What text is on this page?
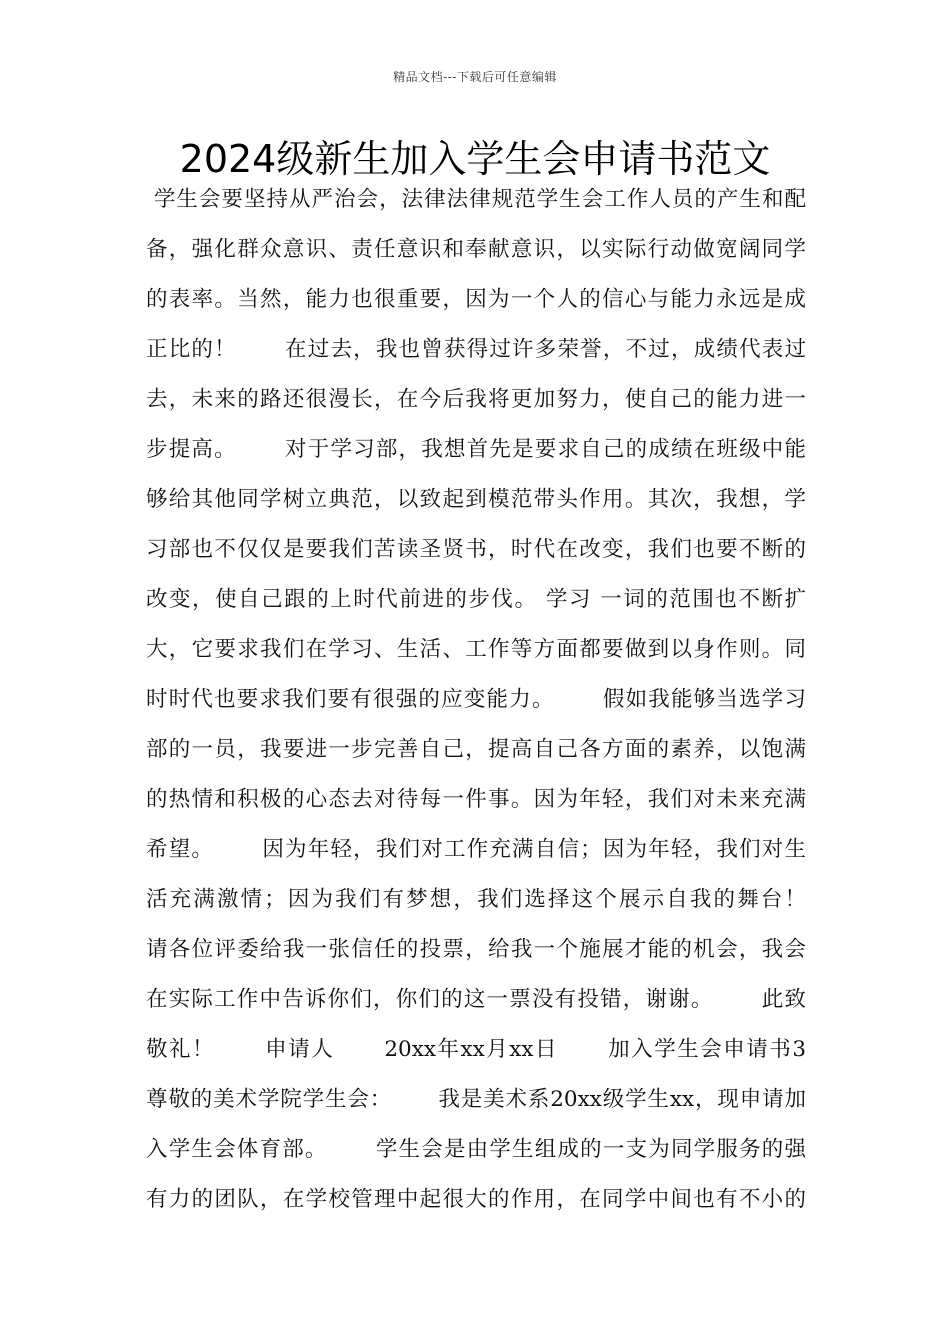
精品文档---下载后可任意编辑
2024级新生加入学生会申请书范文
学生会要坚持从严治会，法律法律规范学生会工作人员的产生和配
备，强化群众意识、责任意识和奉献意识，以实际行动做宽阔同学
的表率。当然，能力也很重要，因为一个人的信心与能力永远是成
正比的！      在过去，我也曾获得过许多荣誉，不过，成绩代表过
去，未来的路还很漫长，在今后我将更加努力，使自己的能力进一
步提高。      对于学习部，我想首先是要求自己的成绩在班级中能
够给其他同学树立典范，以致起到模范带头作用。其次，我想，学
习部也不仅仅是要我们苦读圣贤书，时代在改变，我们也要不断的
改变，使自己跟的上时代前进的步伐。 学习 一词的范围也不断扩
大，它要求我们在学习、生活、工作等方面都要做到以身作则。同
时时代也要求我们要有很强的应变能力。      假如我能够当选学习
部的一员，我要进一步完善自己，提高自己各方面的素养，以饱满
的热情和积极的心态去对待每一件事。因为年轻，我们对未来充满
希望。      因为年轻，我们对工作充满自信；因为年轻，我们对生
活充满激情；因为我们有梦想，我们选择这个展示自我的舞台！
请各位评委给我一张信任的投票，给我一个施展才能的机会，我会
在实际工作中告诉你们，你们的这一票没有投错，谢谢。      此致
敬礼！      申请人      20xx年xx月xx日      加入学生会申请书3
尊敬的美术学院学生会：      我是美术系20xx级学生xx，现申请加
入学生会体育部。      学生会是由学生组成的一支为同学服务的强
有力的团队，在学校管理中起很大的作用，在同学中间也有不小的
